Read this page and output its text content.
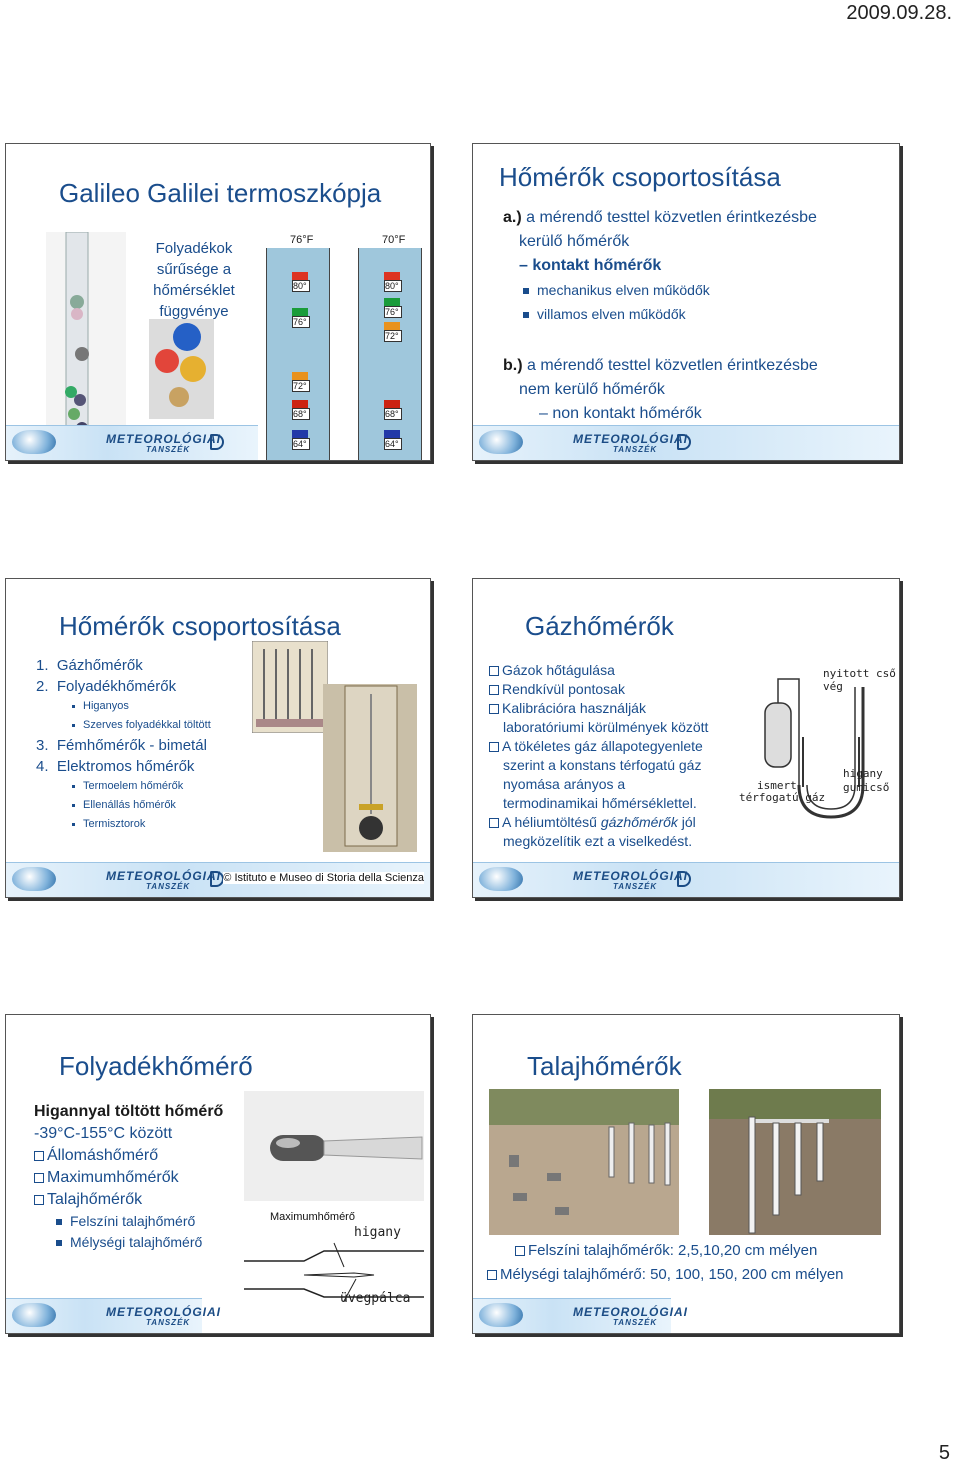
2009.09.28.
Galileo Galilei termoszkópja
Folyadékok
sűrűsége a
hőmérséklet
függvénye
76°F
80°
76°
72°
68°
64°
70°F
80°
76°
72°
68°
64°
METEOROLÓGIAI
TANSZÉK
Hőmérők csoportosítása
a.) a mérendő testtel közvetlen érintkezésbe
kerülő hőmérők
– kontakt hőmérők
mechanikus elven működők
villamos elven működők
b.) a mérendő testtel közvetlen érintkezésbe
nem kerülő hőmérők
– non kontakt hőmérők
METEOROLÓGIAI
TANSZÉK
Hőmérők csoportosítása
1. Gázhőmérők
2. Folyadékhőmérők
Higanyos
Szerves folyadékkal töltött
3. Fémhőmérők - bimetál
4. Elektromos hőmérők
Termoelem hőmérők
Ellenállás hőmérők
Termisztorok
METEOROLÓGIAI
TANSZÉK
© Istituto e Museo di Storia della Scienza
Gázhőmérők
Gázok hőtágulása
Rendkívül pontosak
Kalibrációra használják
laboratóriumi körülmények között
A tökéletes gáz állapotegyenlete
szerint a konstans térfogatú gáz
nyomása arányos a
termodinamikai hőmérséklettel.
A héliumtöltésű gázhőmérők jól
megközelítik ezt a viselkedést.
nyitott cső vég
higany
gumicső
ismert
térfogatú gáz
METEOROLÓGIAI
TANSZÉK
Folyadékhőmérő
Higannyal töltött hőmérő
-39°C-155°C között
Állomáshőmérő
Maximumhőmérők
Talajhőmérők
Felszíni talajhőmérő
Mélységi talajhőmérő
Maximumhőmérő
higany
üvegpálca
METEOROLÓGIAI
TANSZÉK
Talajhőmérők
Felszíni talajhőmérők: 2,5,10,20 cm mélyen
Mélységi talajhőmérő: 50, 100, 150, 200 cm mélyen
METEOROLÓGIAI
TANSZÉK
5
